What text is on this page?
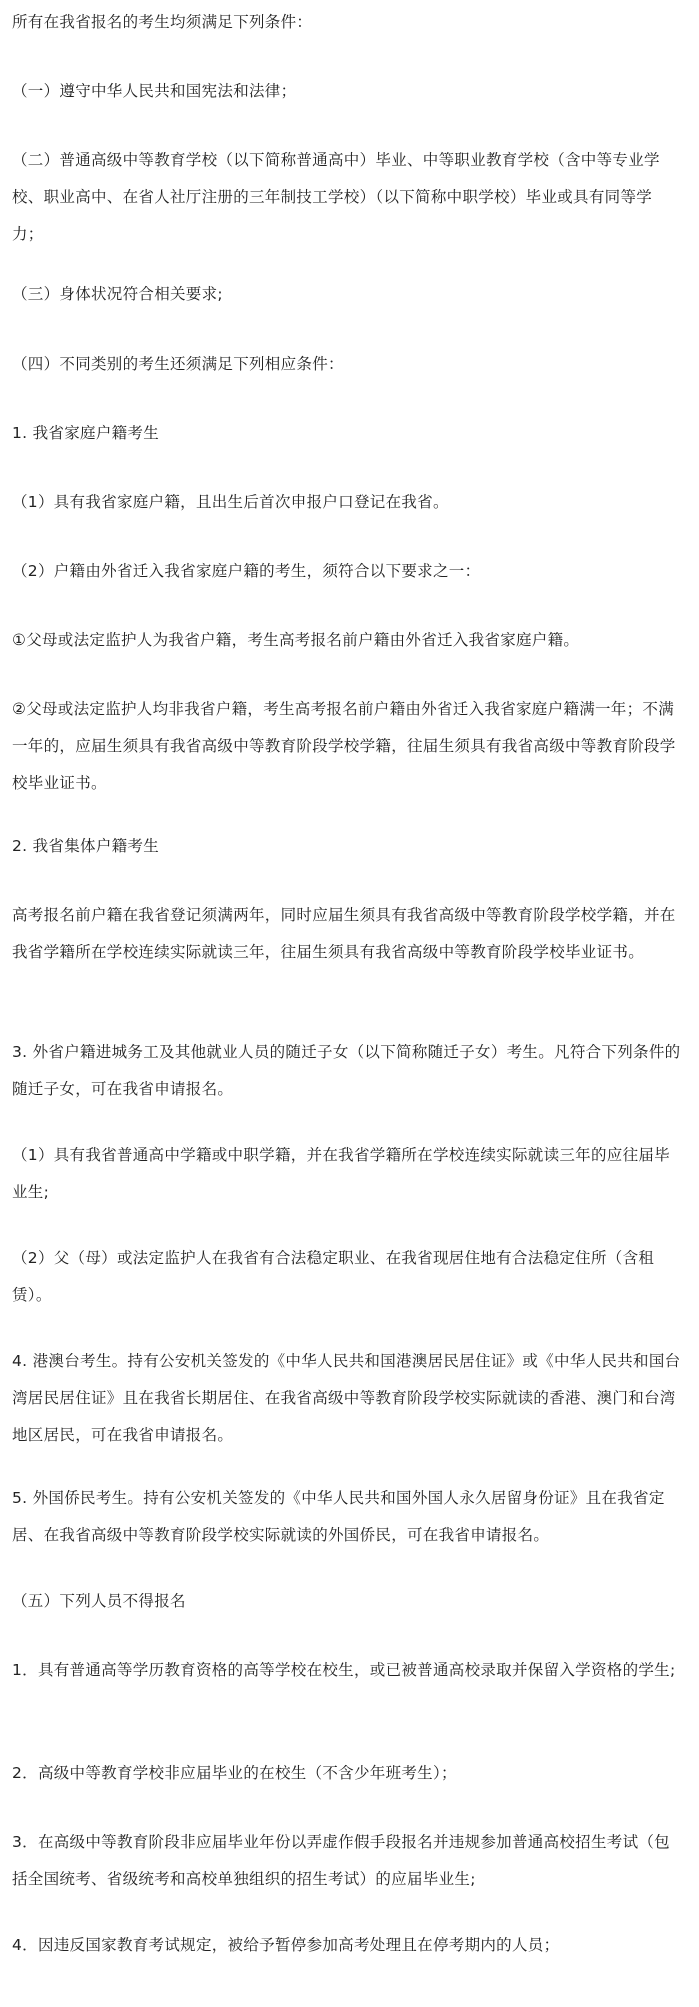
所有在我省报名的考生均须满足下列条件：

（一）遵守中华人民共和国宪法和法律；

（二）普通高级中等教育学校（以下简称普通高中）毕业、中等职业教育学校（含中等专业学校、职业高中、在省人社厅注册的三年制技工学校）（以下简称中职学校）毕业或具有同等学力；

（三）身体状况符合相关要求;

（四）不同类别的考生还须满足下列相应条件：

1. 我省家庭户籍考生

（1）具有我省家庭户籍，且出生后首次申报户口登记在我省。

（2）户籍由外省迁入我省家庭户籍的考生，须符合以下要求之一：

①父母或法定监护人为我省户籍，考生高考报名前户籍由外省迁入我省家庭户籍。

②父母或法定监护人均非我省户籍，考生高考报名前户籍由外省迁入我省家庭户籍满一年；不满一年的，应届生须具有我省高级中等教育阶段学校学籍，往届生须具有我省高级中等教育阶段学校毕业证书。

2. 我省集体户籍考生

高考报名前户籍在我省登记须满两年，同时应届生须具有我省高级中等教育阶段学校学籍，并在我省学籍所在学校连续实际就读三年，往届生须具有我省高级中等教育阶段学校毕业证书。

3. 外省户籍进城务工及其他就业人员的随迁子女（以下简称随迁子女）考生。凡符合下列条件的随迁子女，可在我省申请报名。

（1）具有我省普通高中学籍或中职学籍，并在我省学籍所在学校连续实际就读三年的应往届毕业生;

（2）父（母）或法定监护人在我省有合法稳定职业、在我省现居住地有合法稳定住所（含租赁）。

4. 港澳台考生。持有公安机关签发的《中华人民共和国港澳居民居住证》或《中华人民共和国台湾居民居住证》且在我省长期居住、在我省高级中等教育阶段学校实际就读的香港、澳门和台湾地区居民，可在我省申请报名。

5. 外国侨民考生。持有公安机关签发的《中华人民共和国外国人永久居留身份证》且在我省定居、在我省高级中等教育阶段学校实际就读的外国侨民，可在我省申请报名。

（五）下列人员不得报名

1．具有普通高等学历教育资格的高等学校在校生，或已被普通高校录取并保留入学资格的学生;

2．高级中等教育学校非应届毕业的在校生（不含少年班考生）；

3．在高级中等教育阶段非应届毕业年份以弄虚作假手段报名并违规参加普通高校招生考试（包括全国统考、省级统考和高校单独组织的招生考试）的应届毕业生;

4．因违反国家教育考试规定，被给予暂停参加高考处理且在停考期内的人员；
